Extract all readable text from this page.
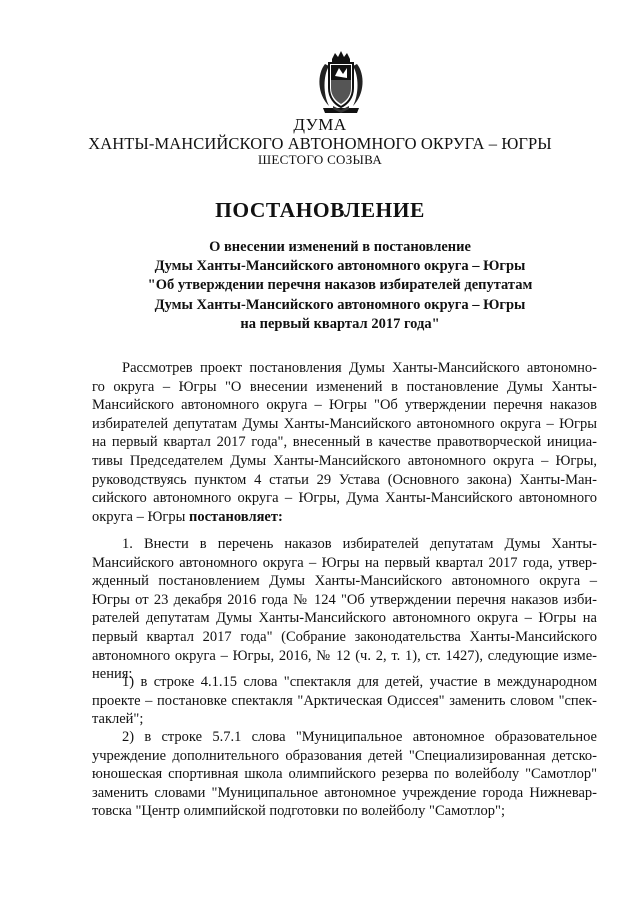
ДУМА
ХАНТЫ-МАНСИЙСКОГО АВТОНОМНОГО ОКРУГА – ЮГРЫ
ШЕСТОГО СОЗЫВА
ПОСТАНОВЛЕНИЕ
О внесении изменений в постановление
Думы Ханты-Мансийского автономного округа – Югры
"Об утверждении перечня наказов избирателей депутатам
Думы Ханты-Мансийского автономного округа – Югры
на первый квартал 2017 года"
Рассмотрев проект постановления Думы Ханты-Мансийского автономно-
го округа – Югры "О внесении изменений в постановление Думы Ханты-
Мансийского автономного округа – Югры "Об утверждении перечня наказов
избирателей депутатам Думы Ханты-Мансийского автономного округа – Югры
на первый квартал 2017 года", внесенный в качестве правотворческой инициа-
тивы Председателем Думы Ханты-Мансийского автономного округа – Югры,
руководствуясь пунктом 4 статьи 29 Устава (Основного закона) Ханты-Ман-
сийского автономного округа – Югры, Дума Ханты-Мансийского автономного
округа – Югры постановляет:
1. Внести в перечень наказов избирателей депутатам Думы Ханты-
Мансийского автономного округа – Югры на первый квартал 2017 года, утвер-
жденный постановлением Думы Ханты-Мансийского автономного округа –
Югры от 23 декабря 2016 года № 124 "Об утверждении перечня наказов изби-
рателей депутатам Думы Ханты-Мансийского автономного округа – Югры на
первый квартал 2017 года" (Собрание законодательства Ханты-Мансийского
автономного округа – Югры, 2016, № 12 (ч. 2, т. 1), ст. 1427), следующие изме-
нения:
1) в строке 4.1.15 слова "спектакля для детей, участие в международном
проекте – постановке спектакля "Арктическая Одиссея" заменить словом "спек-
таклей";
2) в строке 5.7.1 слова "Муниципальное автономное образовательное
учреждение дополнительного образования детей "Специализированная детско-
юношеская спортивная школа олимпийского резерва по волейболу "Самотлор"
заменить словами "Муниципальное автономное учреждение города Нижневар-
товска "Центр олимпийской подготовки по волейболу "Самотлор";
